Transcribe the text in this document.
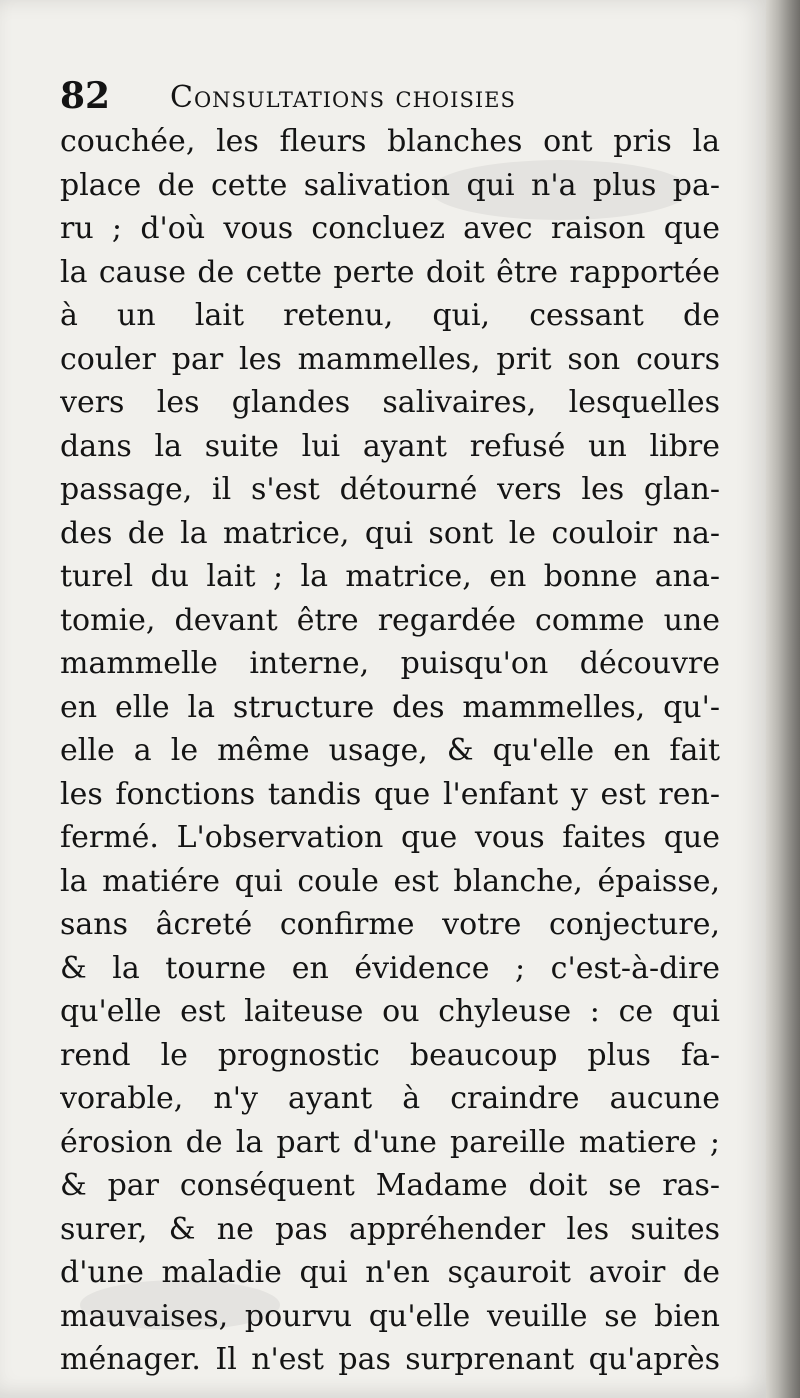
82 Consultations choisies
couchée, les fleurs blanches ont pris la
place de cette salivation qui n'a plus pa-
ru ; d'où vous concluez avec raison que
la cause de cette perte doit être rapportée
à un lait retenu, qui, cessant de
couler par les mammelles, prit son cours
vers les glandes salivaires, lesquelles
dans la suite lui ayant refusé un libre
passage, il s'est détourné vers les glan-
des de la matrice, qui sont le couloir na-
turel du lait ; la matrice, en bonne ana-
tomie, devant être regardée comme une
mammelle interne, puisqu'on découvre
en elle la structure des mammelles, qu'-
elle a le même usage, & qu'elle en fait
les fonctions tandis que l'enfant y est ren-
fermé. L'observation que vous faites que
la matiére qui coule est blanche, épaisse,
sans âcreté confirme votre conjecture,
& la tourne en évidence ; c'est-à-dire
qu'elle est laiteuse ou chyleuse : ce qui
rend le prognostic beaucoup plus fa-
vorable, n'y ayant à craindre aucune
érosion de la part d'une pareille matiere ;
& par conséquent Madame doit se ras-
surer, & ne pas appréhender les suites
d'une maladie qui n'en sçauroit avoir de
mauvaises, pourvu qu'elle veuille se bien
ménager. Il n'est pas surprenant qu'après
